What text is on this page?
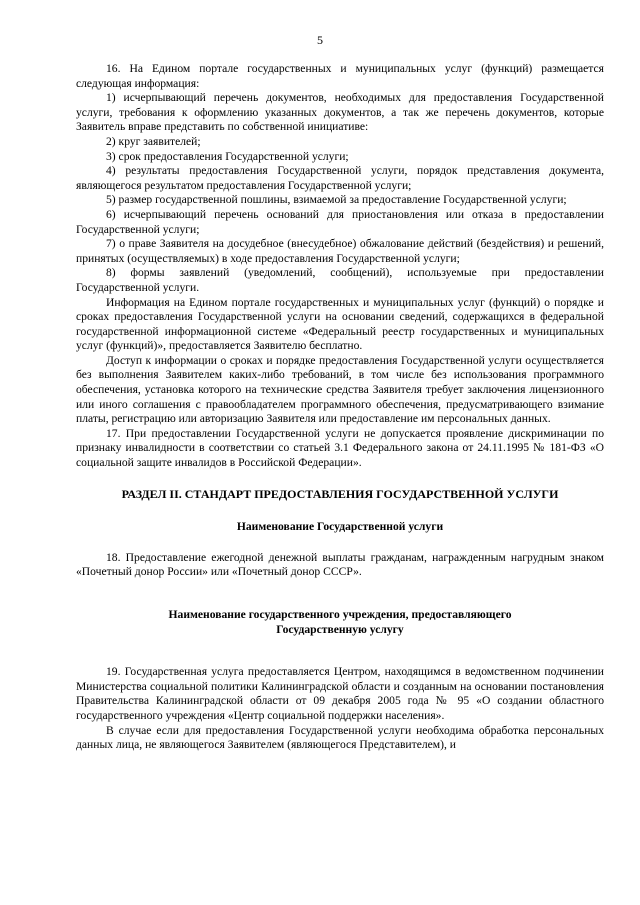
5

16. На Едином портале государственных и муниципальных услуг (функций) размещается следующая информация:

1) исчерпывающий перечень документов, необходимых для предоставления Государственной услуги, требования к оформлению указанных документов, а так же перечень документов, которые Заявитель вправе представить по собственной инициативе:

2) круг заявителей;

3) срок предоставления Государственной услуги;

4) результаты предоставления Государственной услуги, порядок представления документа, являющегося результатом предоставления Государственной услуги;

5) размер государственной пошлины, взимаемой за предоставление Государственной услуги;

6) исчерпывающий перечень оснований для приостановления или отказа в предоставлении Государственной услуги;

7) о праве Заявителя на досудебное (внесудебное) обжалование действий (бездействия) и решений, принятых (осуществляемых) в ходе предоставления Государственной услуги;

8) формы заявлений (уведомлений, сообщений), используемые при предоставлении Государственной услуги.

Информация на Едином портале государственных и муниципальных услуг (функций) о порядке и сроках предоставления Государственной услуги на основании сведений, содержащихся в федеральной государственной информационной системе «Федеральный реестр государственных и муниципальных услуг (функций)», предоставляется Заявителю бесплатно.

Доступ к информации о сроках и порядке предоставления Государственной услуги осуществляется без выполнения Заявителем каких-либо требований, в том числе без использования программного обеспечения, установка которого на технические средства Заявителя требует заключения лицензионного или иного соглашения с правообладателем программного обеспечения, предусматривающего взимание платы, регистрацию или авторизацию Заявителя или предоставление им персональных данных.

17. При предоставлении Государственной услуги не допускается проявление дискриминации по признаку инвалидности в соответствии со статьей 3.1 Федерального закона от 24.11.1995 № 181-ФЗ «О социальной защите инвалидов в Российской Федерации».

РАЗДЕЛ II. СТАНДАРТ ПРЕДОСТАВЛЕНИЯ ГОСУДАРСТВЕННОЙ УСЛУГИ

Наименование Государственной услуги

18. Предоставление ежегодной денежной выплаты гражданам, награжденным нагрудным знаком «Почетный донор России» или «Почетный донор СССР».

Наименование государственного учреждения, предоставляющего

Государственную услугу

19. Государственная услуга предоставляется Центром, находящимся в ведомственном подчинении Министерства социальной политики Калининградской области и созданным на основании постановления Правительства Калининградской области от 09 декабря 2005 года № 95 «О создании областного государственного учреждения «Центр социальной поддержки населения».

В случае если для предоставления Государственной услуги необходима обработка персональных данных лица, не являющегося Заявителем (являющегося Представителем), и
